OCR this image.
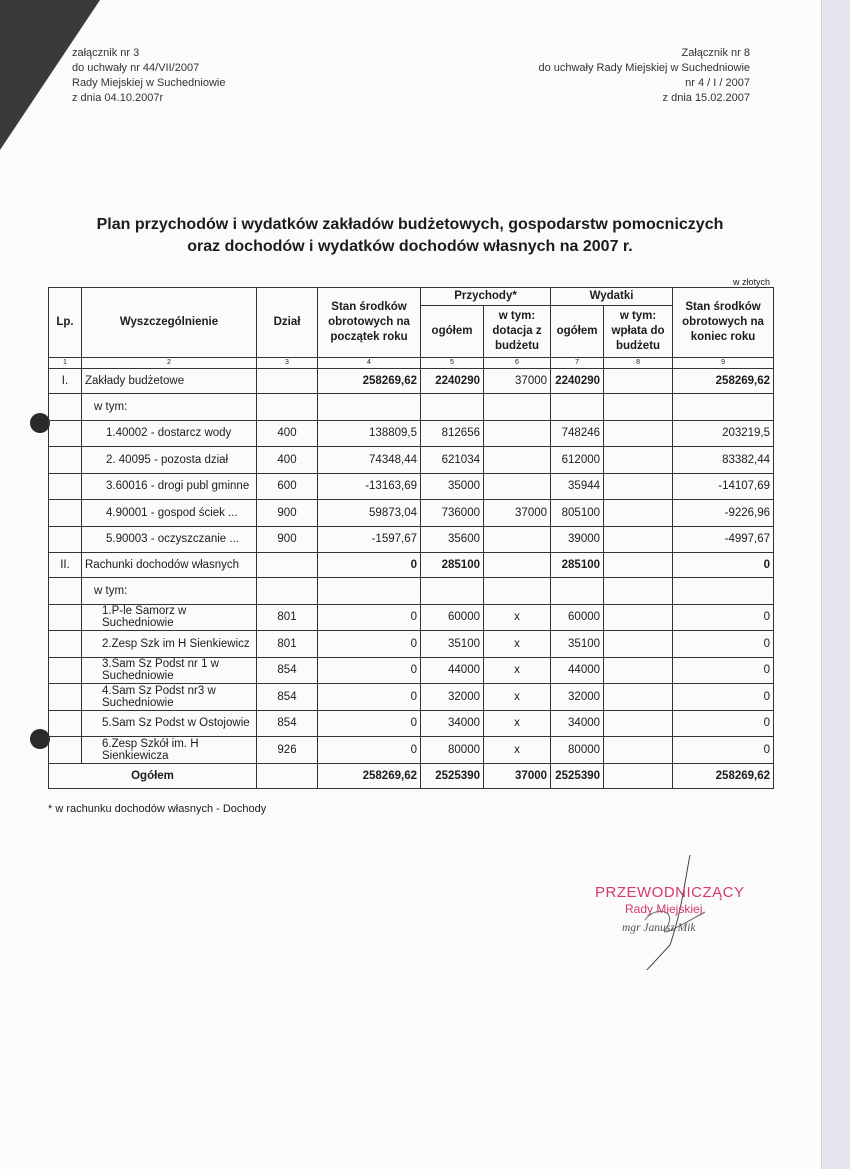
załącznik nr 3
do uchwały nr 44/VII/2007
Rady Miejskiej w Suchedniowie
z dnia 04.10.2007r
Załącznik nr 8
do uchwały Rady Miejskiej w Suchedniowie
nr 4 / I / 2007
z dnia 15.02.2007
Plan przychodów i wydatków zakładów budżetowych, gospodarstw pomocniczych
oraz dochodów i wydatków dochodów własnych na 2007 r.
w złotych
Lp.	Wyszczególnienie	Dział	Stan środków obrotowych na początek roku	Przychody*		Wydatki		Stan środków obrotowych na koniec roku
				ogółem	w tym: dotacja z budżetu	ogółem	w tym: wpłata do budżetu	
1	2	3	4	5	6	7	8	9
I.	Zakłady budżetowe		258269,62	2240290	37000	2240290		258269,62
	w tym:							
	1.40002 - dostarcz wody	400	138809,5	812656		748246		203219,5
	2. 40095 - pozosta dział	400	74348,44	621034		612000		83382,44
	3.60016 - drogi publ gminne	600	-13163,69	35000		35944		-14107,69
	4.90001 - gospod ściek ...	900	59873,04	736000	37000	805100		-9226,96
	5.90003 - oczyszczanie ...	900	-1597,67	35600		39000		-4997,67
II.	Rachunki dochodów własnych		0	285100		285100		0
	w tym:							
	1.P-le Samorz w Suchedniowie	801	0	60000	x	60000		0
	2.Zesp Szk im H Sienkiewicz	801	0	35100	x	35100		0
	3.Sam Sz Podst nr 1 w Suchedniowie	854	0	44000	x	44000		0
	4.Sam Sz Podst nr3 w Suchedniowie	854	0	32000	x	32000		0
	5.Sam Sz Podst w Ostojowie	854	0	34000	x	34000		0
	6.Zesp Szkół im. H Sienkiewicza	926	0	80000	x	80000		0
Ogółem			258269,62	2525390	37000	2525390		258269,62
* w rachunku dochodów własnych - Dochody
PRZEWODNICZĄCY
Rady Miejskiej
mgr Janusz Mik
